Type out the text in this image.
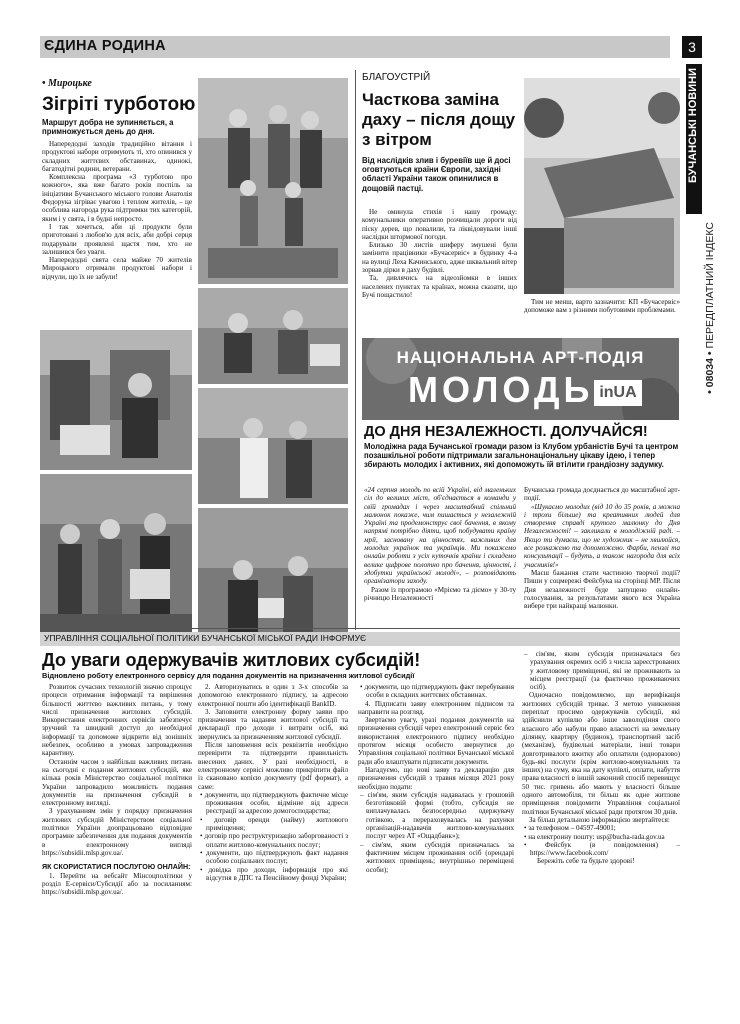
ЄДИНА РОДИНА	3
БУЧАНСЬКІ НОВИНИ
• 08034 • ПЕРЕДПЛАТНИЙ ІНДЕКС
• Мироцьке
Зігріті турботою
Маршрут добра не зупиняється, а примножується день до дня.

Напередодні заходів традиційно вітання і продуктові набори отримують ті, хто опинився у складних життєвих обставинах, одинокі, багатодітні родини, ветерани.

Комплексна програма «З турботою про кожного», яка вже багато років поспіль за ініціативи Бучанського міського голови Анатолія Федорука зігріває увагою і теплом жителів, – це особлива нагорода рука підтримки тих категорій, яким і у свята, і в будні непросто.

І так хочеться, аби ці продукти були приготовані з любов'ю для всіх, аби добрі серця подарували проявлені щастя тим, хто не залишився без уваги.

Напередодні свята села майже 70 жителів Мироцького отримали продуктові набори і відчули, що їх не забули!

БЛАГОУСТРІЙ
Часткова заміна даху – після дощу з вітром
Від наслідків злив і буревіїв ще й досі оговтуються країни Європи, західні області України також опинилися в дощовій пастці.

Не оминула стихія і нашу громаду: комунальники оперативно розчищали дороги від піску дерев, що повалили, та ліквідовували інші наслідки штормової погоди.

Близько 30 листів шиферу змушені були замінити працівники «Бучасервіс» в будинку 4-а на вулиці Леха Качинського, адже шквальний вітер зорвав дірки в даху будівлі.

Та, дивлячись на відеозйомки в інших населених пунктах та країнах, можна сказати, що Бучі пощастило!

Тим не менш, варто зазначити: КП «Бучасервіс» допоможе вам з різними побутовими проблемами.

НАЦІОНАЛЬНА АРТ-ПОДІЯ
МОЛОДЬ inUA
ДО ДНЯ НЕЗАЛЕЖНОСТІ. ДОЛУЧАЙСЯ!
Молодіжна рада Бучанської громади разом із Клубом урбаністів Бучі та центром позашкільної роботи підтримали загальнонаціональну цікаву ідею, і тепер збирають молодих і активних, які допоможуть їй втілити грандіозну задумку.

«24 серпня молодь по всій Україні, від маленьких сіл до великих міст, об'єднається в команди у свїй громадах і через масштабний спільний малюнок покаже, чим пишається у незалежній Україні та продемонструє свої бачення, в якому напрямі потрібно діяти, щоб побудувати країну мрії, засновану на цінностях, важливих для молодих українок та українців. Ми покажемо онлайн роботи з усіх куточків країни і складемо велике цифрове полотно про бачення, цінності, і здобутки українсьокї молоді», – розповідають організатори заходу.

Разом із програмою «Мріємо та діємо» у 30-ту річницю Незалежності

Бучанська громада доєднається до масштабної арт-події.

«Шукаємо молодих (від 10 до 35 років, а можна і трохи більше) та креативних людей для створення справді крутого малюнку до Дня Незалежності! – закликали в молодіжній раді. – Якщо ти думаєш, що не художник – не хвилюйся, все розкажемо та допоможемо. Фарби, пензлі та консультації – будуть, а також нагорода для всіх учасників!»

Маєш бажання стати частиною творчої події? Пиши у соцмережі Фейсбука на сторінці МР. Після Дня незалежності буде запущено онлайн-голосування, за результатами якого вся Україна вибере три найкращі малюнки.

УПРАВЛІННЯ СОЦІАЛЬНОЇ ПОЛІТИКИ БУЧАНСЬКОЇ МІСЬКОЇ РАДИ ІНФОРМУЄ
До уваги одержувачів житлових субсидій!
Відновлено роботу електронного сервісу для подання документів на призначення житлової субсидії

Розвиток сучасних технологій значно спрощує процеси отримання інформації та вирішення більшості життєво важливих питань, у тому числі призначення житлових субсидій. Використання електронних сервісів забезпечує зручний та швидкий доступ до необхідної інформації та допоможе відкрити від зонішніх небезпек, особливо в умовах запровадження карантину.

Останнім часом з найбільш важливих питань на сьогодні є подання житлових субсидій, яке кілька років Міністерство соціальної політики України запровадило можливість подання документів на призначення субсидій в електронному вигляді.

З урахуванням змін у порядку призначення житлових субсидій Міністерством соціальної політики України доопрацьовано відповідне програмне забезпечення для подання документів в електронному вигляді https://subsidii.mlsp.gov.ua/.

ЯК СКОРИСТАТИСЯ ПОСЛУГОЮ ОНЛАЙН:

1. Перейти на вебсайт Мінсоцполітики у розділ Е-сервіси/Субсидії або за посиланням: https://subsidii.mlsp.gov.ua/.

2. Авторизуватись в один з 3-х способів за допомогою електронного підпису, за адресою електронної пошти або ідентифікації BankID.

3. Заповнити електронну форму заяви про призначення та надання житлової субсидії та декларації про доходи і витрати осіб, які звернулись за призначенням житлової субсидії.

Після заповнення всіх реквізитів необхідно перевірити та підтвердити правильність внесених даних. У разі необхідності, в електронному сервісі можливо прикріпити файл із скановано копією документу (pdf формат), а саме:

• документи, що підтверджують фактичне місце проживання особи, відмінне від адреси реєстрації за адресою домогосподарства;
• договір оренди (найму) житлового приміщення;
• договір про реструктуризацію заборгованості з оплати житлово-комунальних послуг;
• документи, що підтверджують факт надання особою соціальних послуг,
• довідка про доходи, інформація про які відсутня в ДПС та Пенсійному фонді України;
• документи, що підтверджують факт перебування особи в складних життєвих обставинах.

4. Підписати заяву електронним підписом та направити на розгляд.

Звертаємо увагу, уразі подання документів на призначення субсидії через електронний сервіс без використання електронного підпису необхідно протягом місяця особисто звернутися до Управління соціальної політики Бучанської міської ради або влаштувати підписати документи.

Нагадуємо, що нові заяву та декларацію для призначення субсидій з травня місяця 2021 року необхідно подати:

– сім'ям, яким субсидія надавалась у грошовій безготівковій формі (тобто, субсидія не виплачувалась безпосередньо одержувачу готівкою, а перераховувалась на рахунки організацій-надавачів житлово-комунальних послуг через АТ «Ощадбанк»);
– сім'ям, яким субсидія призначалась за фактичним місцем проживання осіб (орендарі житлових приміщень; внутрішньо переміщені особи);
– сім'ям, яким субсидія призначалася без урахування окремих осіб з числа зареєстрованих у житловому приміщенні, які не проживають за місцем реєстрації (за фактично проживаючих осіб).

Одночасно повідомляємо, що верифікація житлових субсидій триває. З метою уникнення переплат просимо одержувачів субсидії, які здійснили купівлю або інше заволодіння свого власного або набули право власності на земельну ділянку, квартиру (будинок), транспортний засіб (механізм), будівельні матеріали, інші товари довготривалого вжитку або оплатили (одноразово) будь-які послуги (крім житлово-комунальних та інших) на суму, яка на дату купівлі, оплати, набуття права власності в іншій законний спосіб перевищує 50 тис. гривень або мають у власності більше одного автомобіля, ти більш як одне житлове приміщення повідомити Управління соціальної політики Бучанської міської ради протягом 30 днів.

За більш детальною інформацією звертайтеся:

• за телефоном – 04597-49001;
• на електронну пошту: usp@bucha-rada.gov.ua
• Фейсбук (в повідомлення) – https://www.facebook.com/

Бережіть себе та будьте здорові!
